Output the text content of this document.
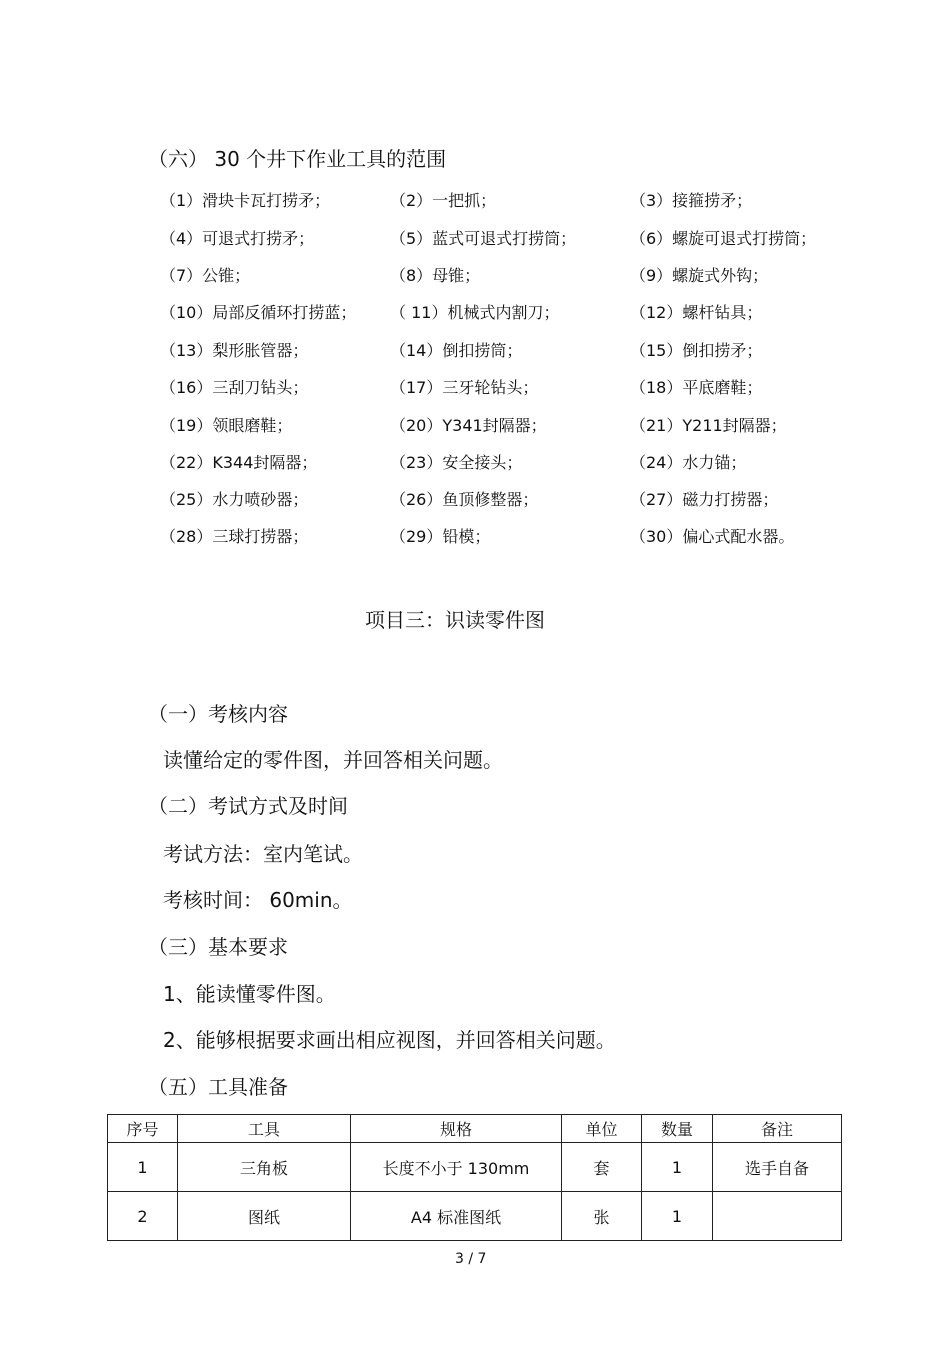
（六） 30 个井下作业工具的范围
（1）滑块卡瓦打捞矛；	（2）一把抓；	（3）接箍捞矛；
（4）可退式打捞矛；	（5）蓝式可退式打捞筒；	（6）螺旋可退式打捞筒；
（7）公锥；	（8）母锥；	（9）螺旋式外钩；
（10）局部反循环打捞蓝； （ 11）机械式内割刀；	（12）螺杆钻具；
（13）梨形胀管器；	（14）倒扣捞筒；	（15）倒扣捞矛；
（16）三刮刀钻头；	（17）三牙轮钻头；	（18）平底磨鞋；
（19）领眼磨鞋；	（20）Y341封隔器；	（21）Y211封隔器；
（22）K344封隔器；	（23）安全接头；	（24）水力锚；
（25）水力喷砂器；	（26）鱼顶修整器；	（27）磁力打捞器；
（28）三球打捞器；	（29）铅模；	（30）偏心式配水器。
项目三：识读零件图
（一）考核内容
读懂给定的零件图，并回答相关问题。
（二）考试方式及时间
考试方法：室内笔试。
考核时间： 60min。
（三）基本要求
1、能读懂零件图。
2、能够根据要求画出相应视图，并回答相关问题。
（五）工具准备
序号	工具	规格	单位	数量	备注
1	三角板	长度不小于 130mm	套	1	选手自备
2	图纸	A4 标准图纸	张	1	
3 / 7
